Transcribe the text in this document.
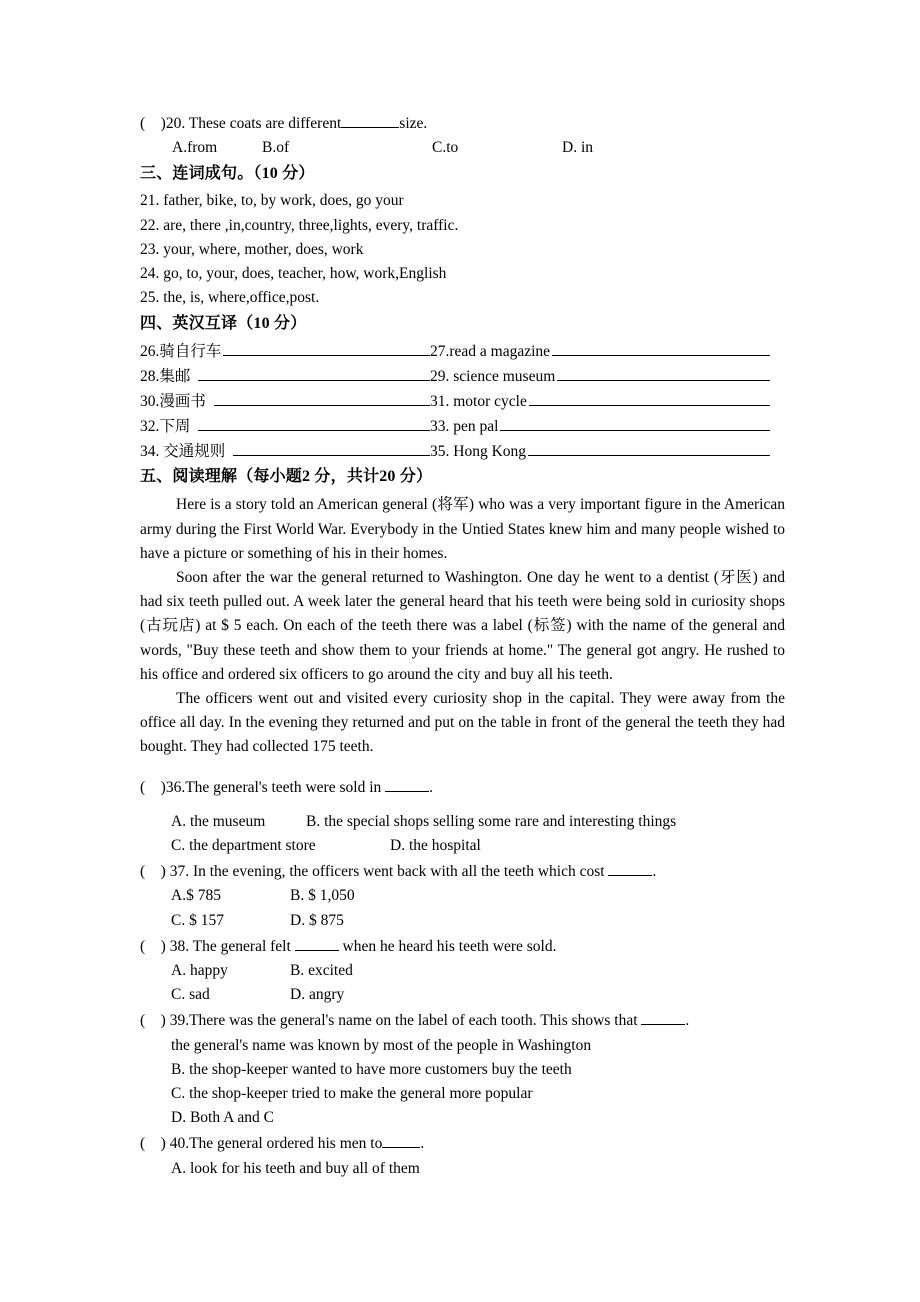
( )20. These coats are different	size.
A.from	B.of	C.to	D. in
三、连词成句。（10 分）
21. father, bike, to, by work, does, go your
22. are, there ,in,country, three,lights, every, traffic.
23. your, where, mother, does, work
24. go, to, your, does, teacher, how, work,English
25. the, is, where,office,post.
四、英汉互译（10 分）
26.骑自行车	27.read a magazine
28.集邮	29. science museum
30.漫画书	31. motor cycle
32.下周	33. pen pal
34. 交通规则	35. Hong Kong
五、阅读理解（每小题2 分，共计20 分）

Here is a story told an American general (将军) who was a very important figure in the American army during the First World War. Everybody in the Untied States knew him and many people wished to have a picture or something of his in their homes.

Soon after the war the general returned to Washington. One day he went to a dentist (牙医) and had six teeth pulled out. A week later the general heard that his teeth were being sold in curiosity shops (古玩店) at $ 5 each. On each of the teeth there was a label (标签) with the name of the general and words, "Buy these teeth and show them to your friends at home." The general got angry. He rushed to his office and ordered six officers to go around the city and buy all his teeth.

The officers went out and visited every curiosity shop in the capital. They were away from the office all day. In the evening they returned and put on the table in front of the general the teeth they had bought. They had collected 175 teeth.

( )36.The general's teeth were sold in	.
A. the museum	B. the special shops selling some rare and interesting things
C. the department store	D. the hospital
( ) 37. In the evening, the officers went back with all the teeth which cost	.
A.$ 785	B. $ 1,050
C. $ 157	D. $ 875
( ) 38. The general felt	when he heard his teeth were sold.
A. happy	B. excited
C. sad	D. angry
( ) 39.There was the general's name on the label of each tooth. This shows that	.
the general's name was known by most of the people in Washington
B. the shop-keeper wanted to have more customers buy the teeth
C. the shop-keeper tried to make the general more popular
D. Both A and C
( ) 40.The general ordered his men to .
A. look for his teeth and buy all of them
